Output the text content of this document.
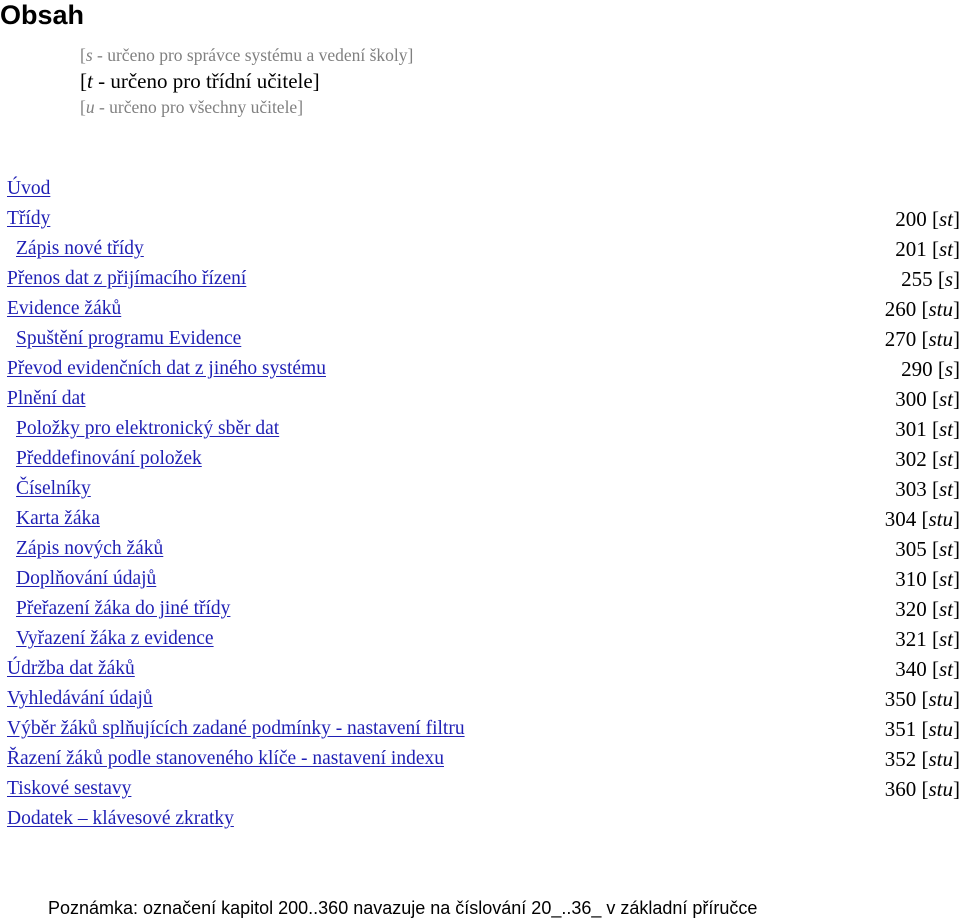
Obsah
[s - určeno pro správce systému a vedení školy]
[t - určeno pro třídní učitele]
[u - určeno pro všechny učitele]
Úvod
Třídy	200 [st]
Zápis nové třídy	201 [st]
Přenos dat z přijímacího řízení	255 [s]
Evidence žáků	260 [stu]
Spuštění programu Evidence	270 [stu]
Převod evidenčních dat z jiného systému	290 [s]
Plnění dat	300 [st]
Položky pro elektronický sběr dat	301 [st]
Předdefinování položek	302 [st]
Číselníky	303 [st]
Karta žáka	304 [stu]
Zápis nových žáků	305 [st]
Doplňování údajů	310 [st]
Přeřazení žáka do jiné třídy	320 [st]
Vyřazení žáka z evidence	321 [st]
Údržba dat žáků	340 [st]
Vyhledávání údajů	350 [stu]
Výběr žáků splňujících zadané podmínky - nastavení filtru	351 [stu]
Řazení žáků podle stanoveného klíče - nastavení indexu	352 [stu]
Tiskové sestavy	360 [stu]
Dodatek – klávesové zkratky
Poznámka: označení kapitol 200..360 navazuje na číslování 20_..36_ v základní příručce
